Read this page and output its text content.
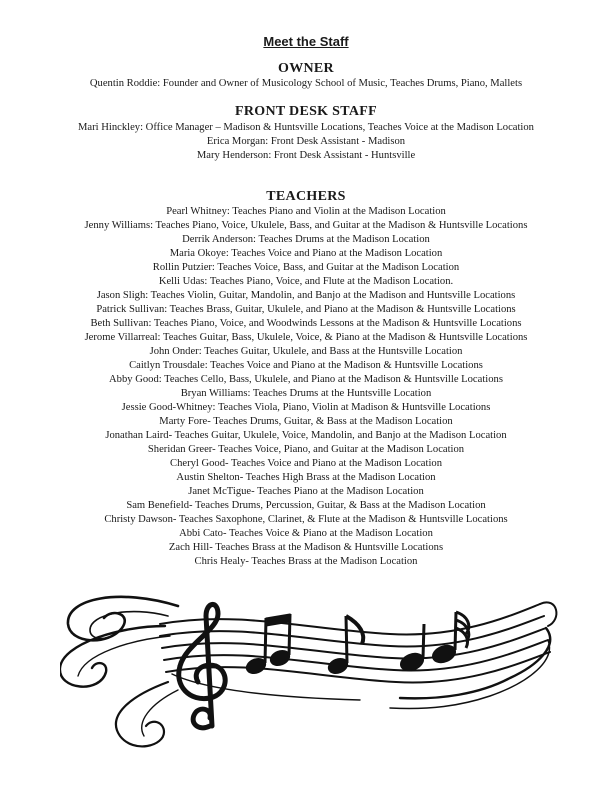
Meet the Staff
OWNER
Quentin Roddie: Founder and Owner of Musicology School of Music, Teaches Drums, Piano, Mallets
FRONT DESK STAFF
Mari Hinckley: Office Manager – Madison & Huntsville Locations, Teaches Voice at the Madison Location
Erica Morgan: Front Desk Assistant - Madison
Mary Henderson: Front Desk Assistant - Huntsville
TEACHERS
Pearl Whitney: Teaches Piano and Violin at the Madison Location
Jenny Williams: Teaches Piano, Voice, Ukulele, Bass, and Guitar at the Madison & Huntsville Locations
Derrik Anderson: Teaches Drums at the Madison Location
Maria Okoye: Teaches Voice and Piano at the Madison Location
Rollin Putzier: Teaches Voice, Bass, and Guitar at the Madison Location
Kelli Udas: Teaches Piano, Voice, and Flute at the Madison Location.
Jason Sligh: Teaches Violin, Guitar, Mandolin, and Banjo at the Madison and Huntsville Locations
Patrick Sullivan: Teaches Brass, Guitar, Ukulele, and Piano at the Madison & Huntsville Locations
Beth Sullivan: Teaches Piano, Voice, and Woodwinds Lessons at the Madison & Huntsville Locations
Jerome Villarreal: Teaches Guitar, Bass, Ukulele, Voice, & Piano at the Madison & Huntsville Locations
John Onder: Teaches Guitar, Ukulele, and Bass at the Huntsville Location
Caitlyn Trousdale: Teaches Voice and Piano at the Madison & Huntsville Locations
Abby Good: Teaches Cello, Bass, Ukulele, and Piano at the Madison & Huntsville Locations
Bryan Williams: Teaches Drums at the Huntsville Location
Jessie Good-Whitney: Teaches Viola, Piano, Violin at Madison & Huntsville Locations
Marty Fore- Teaches Drums, Guitar, & Bass at the Madison Location
Jonathan Laird- Teaches Guitar, Ukulele, Voice, Mandolin, and Banjo at the Madison Location
Sheridan Greer- Teaches Voice, Piano, and Guitar at the Madison Location
Cheryl Good- Teaches Voice and Piano at the Madison Location
Austin Shelton- Teaches High Brass at the Madison Location
Janet McTigue- Teaches Piano at the Madison Location
Sam Benefield- Teaches Drums, Percussion, Guitar, & Bass at the Madison Location
Christy Dawson- Teaches Saxophone, Clarinet, & Flute at the Madison & Huntsville Locations
Abbi Cato- Teaches Voice & Piano at the Madison Location
Zach Hill- Teaches Brass at the Madison & Huntsville Locations
Chris Healy- Teaches Brass at the Madison Location
